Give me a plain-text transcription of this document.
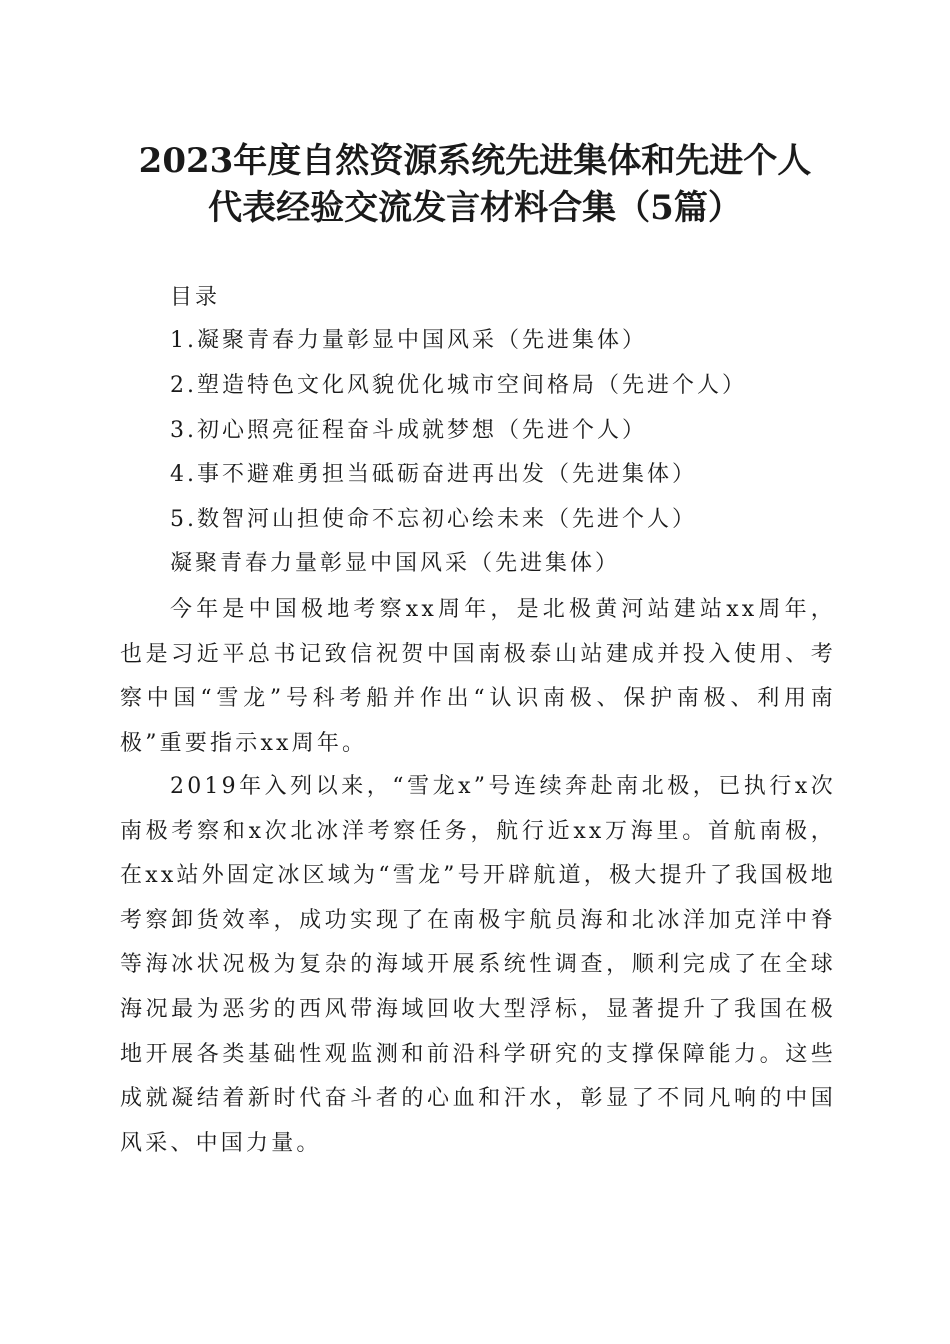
2023年度自然资源系统先进集体和先进个人
代表经验交流发言材料合集（5篇）
目录
1.凝聚青春力量彰显中国风采（先进集体）
2.塑造特色文化风貌优化城市空间格局（先进个人）
3.初心照亮征程奋斗成就梦想（先进个人）
4.事不避难勇担当砥砺奋进再出发（先进集体）
5.数智河山担使命不忘初心绘未来（先进个人）
凝聚青春力量彰显中国风采（先进集体）
今年是中国极地考察xx周年，是北极黄河站建站xx周年，也是习近平总书记致信祝贺中国南极泰山站建成并投入使用、考察中国“雪龙”号科考船并作出“认识南极、保护南极、利用南极”重要指示xx周年。
2019年入列以来，“雪龙x”号连续奔赴南北极，已执行x次南极考察和x次北冰洋考察任务，航行近xx万海里。首航南极，在xx站外固定冰区域为“雪龙”号开辟航道，极大提升了我国极地考察卸货效率，成功实现了在南极宇航员海和北冰洋加克洋中脊等海冰状况极为复杂的海域开展系统性调查，顺利完成了在全球海况最为恶劣的西风带海域回收大型浮标，显著提升了我国在极地开展各类基础性观监测和前沿科学研究的支撑保障能力。这些成就凝结着新时代奋斗者的心血和汗水，彰显了不同凡响的中国风采、中国力量。
